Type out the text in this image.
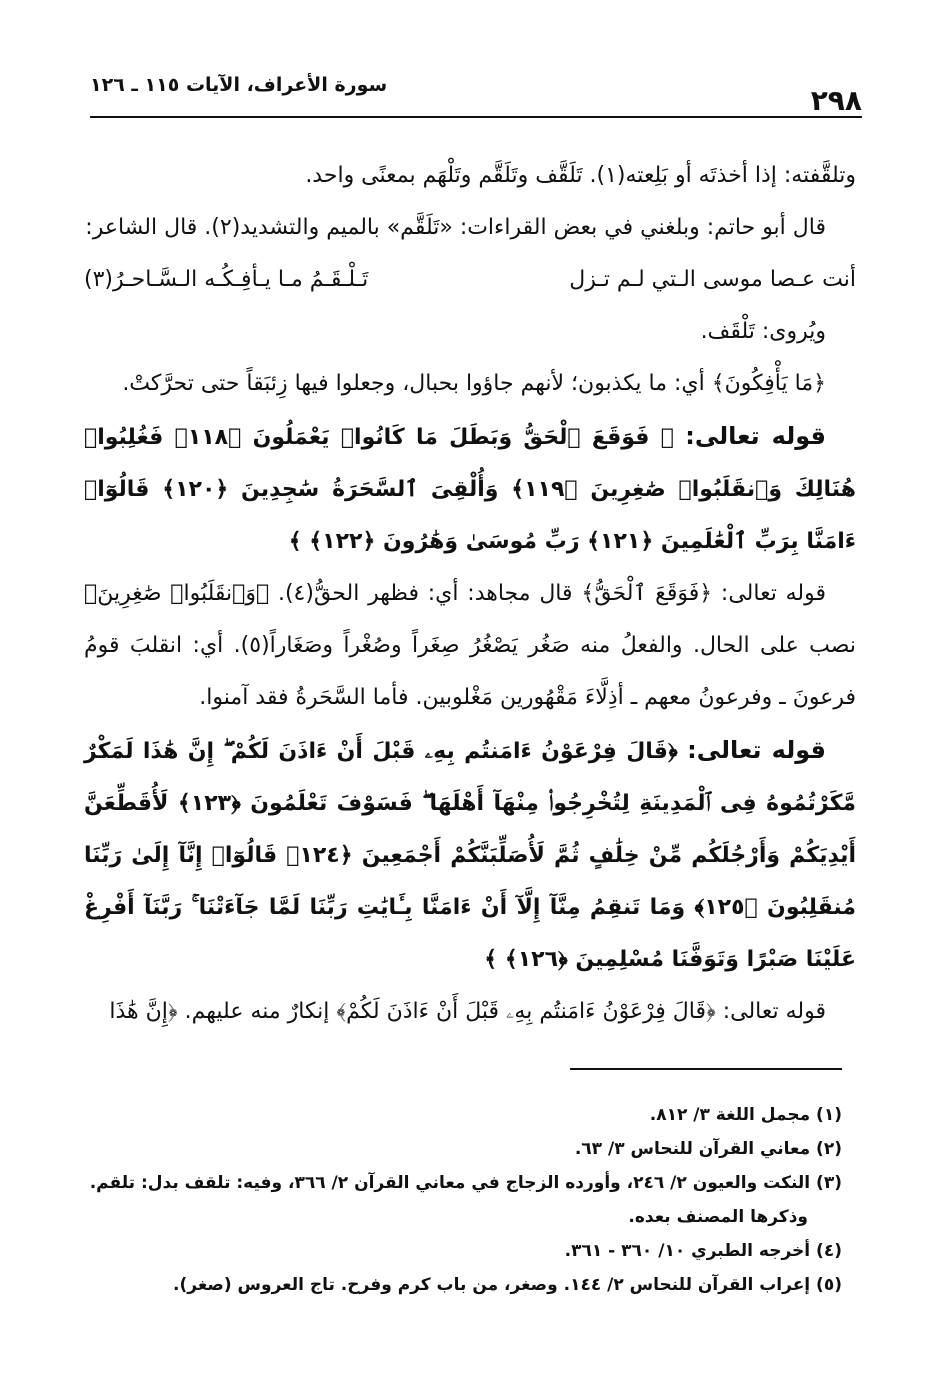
٢٩٨
سورة الأعراف، الآيات ١١٥ ـ ١٢٦

وتلقَّفته: إذا أخذتَه أو بَلِعته(١). تَلَقَّف وتَلَقَّم وتَلْهَم بمعنًى واحد.

قال أبو حاتم: وبلغني في بعض القراءات: «تَلَقَّم» بالميم والتشديد(٢). قال الشاعر:

أنت عـصا موسى الـتي لـم تـزل
تَـلْـقَـمُ مـا يـأفِـكُـه الـسَّـاحـرُ(٣)

ويُروى: تَلْقَف.

﴿مَا يَأْفِكُونَ﴾ أي: ما يكذبون؛ لأنهم جاؤوا بحبال، وجعلوا فيها زِئبَقاً حتى تحرَّكتْ.

قوله تعالى: ﴿ فَوَقَعَ ٱلْحَقُّ وَبَطَلَ مَا كَانُوا۟ يَعْمَلُونَ ﴿١١٨﴾ فَغُلِبُوا۟ هُنَالِكَ وَٱنقَلَبُوا۟ صَٰغِرِينَ ﴿١١٩﴾ وَأُلْقِىَ ٱلسَّحَرَةُ سَٰجِدِينَ ﴿١٢٠﴾ قَالُوٓا۟ ءَامَنَّا بِرَبِّ ٱلْعَٰلَمِينَ ﴿١٢١﴾ رَبِّ مُوسَىٰ وَهَٰرُونَ ﴿١٢٢﴾ ﴾

قوله تعالى: ﴿فَوَقَعَ ٱلْحَقُّ﴾ قال مجاهد: أي: فظهر الحقُّ(٤). ﴿وَٱنقَلَبُوا۟ صَٰغِرِينَ﴾ نصب على الحال. والفعلُ منه صَغُر يَصْغُرُ صِغَراً وصُغْراً وصَغَاراً(٥). أي: انقلبَ قومُ فرعونَ ـ وفرعونُ معهم ـ أذِلَّاءَ مَقْهُورين مَغْلوبين. فأما السَّحَرةُ فقد آمنوا.

قوله تعالى: ﴿قَالَ فِرْعَوْنُ ءَامَنتُم بِهِۦ قَبْلَ أَنْ ءَاذَنَ لَكُمْ ۖ إِنَّ هَٰذَا لَمَكْرٌ مَّكَرْتُمُوهُ فِى ٱلْمَدِينَةِ لِتُخْرِجُوا۟ مِنْهَآ أَهْلَهَا ۖ فَسَوْفَ تَعْلَمُونَ ﴿١٢٣﴾ لَأُقَطِّعَنَّ أَيْدِيَكُمْ وَأَرْجُلَكُم مِّنْ خِلَٰفٍ ثُمَّ لَأُصَلِّبَنَّكُمْ أَجْمَعِينَ ﴿١٢٤﴾ قَالُوٓا۟ إِنَّآ إِلَىٰ رَبِّنَا مُنقَلِبُونَ ﴿١٢٥﴾ وَمَا تَنقِمُ مِنَّآ إِلَّآ أَنْ ءَامَنَّا بِـَٔايَٰتِ رَبِّنَا لَمَّا جَآءَتْنَا ۚ رَبَّنَآ أَفْرِغْ عَلَيْنَا صَبْرًا وَتَوَفَّنَا مُسْلِمِينَ ﴿١٢٦﴾ ﴾

قوله تعالى: ﴿قَالَ فِرْعَوْنُ ءَامَنتُم بِهِۦ قَبْلَ أَنْ ءَاذَنَ لَكُمْ﴾ إنكارٌ منه عليهم. ﴿إِنَّ هَٰذَا

(١) مجمل اللغة ٣/ ٨١٢.

(٢) معاني القرآن للنحاس ٣/ ٦٣.

(٣) النكت والعيون ٢/ ٢٤٦، وأورده الزجاج في معاني القرآن ٢/ ٣٦٦، وفيه: تلقف بدل: تلقم.

وذكرها المصنف بعده.

(٤) أخرجه الطبري ١٠/ ٣٦٠ - ٣٦١.

(٥) إعراب القرآن للنحاس ٢/ ١٤٤. وصغر، من باب كرم وفرح. تاج العروس (صغر).
